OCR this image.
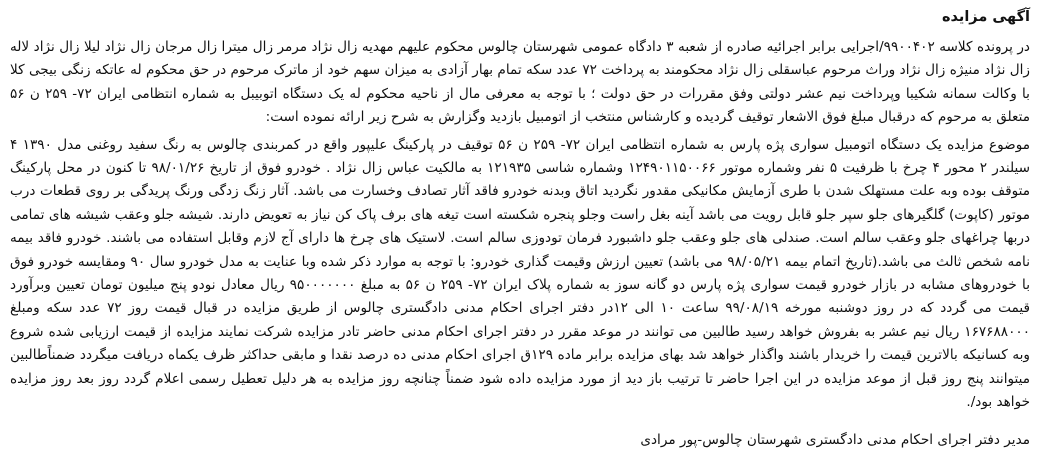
آگهی مزایده

در پرونده کلاسه ۹۹۰۰۴۰۲/اجرایی برابر اجرائیه صادره از شعبه ۳ دادگاه عمومی شهرستان چالوس محکوم علیهم مهدیه زال نژاد مرمر زال میترا زال مرجان زال نژاد لیلا زال نژاد لاله زال نژاد منیژه زال نژاد وراث مرحوم عباسقلی زال نژاد محکومند به پرداخت ۷۲ عدد سکه تمام بهار آزادی به میزان سهم خود از ماترک مرحوم در حق محکوم له عاتکه زنگی بیجی کلا با وکالت سمانه شکیبا وپرداخت نیم عشر دولتی وفق مقررات در حق دولت ؛ با توجه به معرفی مال از ناحیه محکوم له یک دستگاه اتوبیبل به شماره انتظامی ایران ۷۲- ۲۵۹ ن ۵۶ متعلق به مرحوم که درقبال مبلغ فوق الاشعار توقیف گردیده و کارشناس منتخب از اتومبیل بازدید وگزارش به شرح زیر ارائه نموده است:

موضوع مزایده یک دستگاه اتومبیل سواری پژه پارس به شماره انتظامی ایران ۷۲- ۲۵۹ ن ۵۶ توقیف در پارکینگ علیپور واقع در کمربندی چالوس به رنگ سفید روغنی مدل ۱۳۹۰ ۴ سیلندر ۲ محور ۴ چرخ با ظرفیت ۵ نفر وشماره موتور ۱۲۴۹۰۱۱۵۰۰۶۶ وشماره شاسی ۱۲۱۹۳۵ به مالکیت عباس زال نژاد . خودرو فوق از تاریخ ۹۸/۰۱/۲۶ تا کنون در محل پارکینگ متوقف بوده وبه علت مستهلک شدن با طری آزمایش مکانیکی مقدور نگردید اتاق وبدنه خودرو فاقد آثار تصادف وخسارت می باشد. آثار زنگ زدگی ورنگ پریدگی بر روی قطعات درب موتور (کاپوت) گلگیرهای جلو سپر جلو قابل رویت می باشد آینه بغل راست وجلو پنجره شکسته است تیغه های برف پاک کن نیاز به تعویض دارند. شیشه جلو وعقب شیشه های تمامی دربها چراغهای جلو وعقب سالم است. صندلی های جلو وعقب جلو داشبورد فرمان تودوزی سالم است. لاستیک های چرخ ها دارای آج لازم وقابل استفاده می باشند. خودرو فاقد بیمه نامه شخص ثالث می باشد.(تاریخ اتمام بیمه ۹۸/۰۵/۲۱ می باشد) تعیین ارزش وقیمت گذاری خودرو: با توجه به موارد ذکر شده وبا عنایت به مدل خودرو سال ۹۰ ومقایسه خودرو فوق با خودروهای مشابه در بازار خودرو قیمت سواری پژه پارس دو گانه سوز به شماره پلاک ایران ۷۲- ۲۵۹ ن ۵۶ به مبلغ ۹۵۰۰۰۰۰۰۰ ریال معادل نودو پنج میلیون تومان تعیین وبرآورد قیمت می گردد که در روز دوشنبه مورخه ۹۹/۰۸/۱۹ ساعت ۱۰ الی ۱۲در دفتر اجرای احکام مدنی دادگستری چالوس از طریق مزایده در قبال قیمت روز ۷۲ عدد سکه ومبلغ ۱۶۷۶۸۸۰۰۰ ریال نیم عشر به بفروش خواهد رسید طالبین می توانند در موعد مقرر در دفتر اجرای احکام مدنی حاضر تادر مزایده شرکت نمایند مزایده از قیمت ارزیابی شده شروع وبه کسانیکه بالاترین قیمت را خریدار باشند واگذار خواهد شد بهای مزایده برابر ماده ۱۲۹ق اجرای احکام مدنی ده درصد نقدا و مابقی حداکثر ظرف یکماه دریافت میگردد ضمناًطالبین میتوانند پنج روز قبل از موعد مزایده در این اجرا حاضر تا ترتیب باز دید از مورد مزایده داده شود ضمناً چنانچه روز مزایده به هر دلیل تعطیل رسمی اعلام گردد روز بعد روز مزایده خواهد بود/.

مدیر دفتر اجرای احکام مدنی دادگستری شهرستان چالوس-پور مرادی
